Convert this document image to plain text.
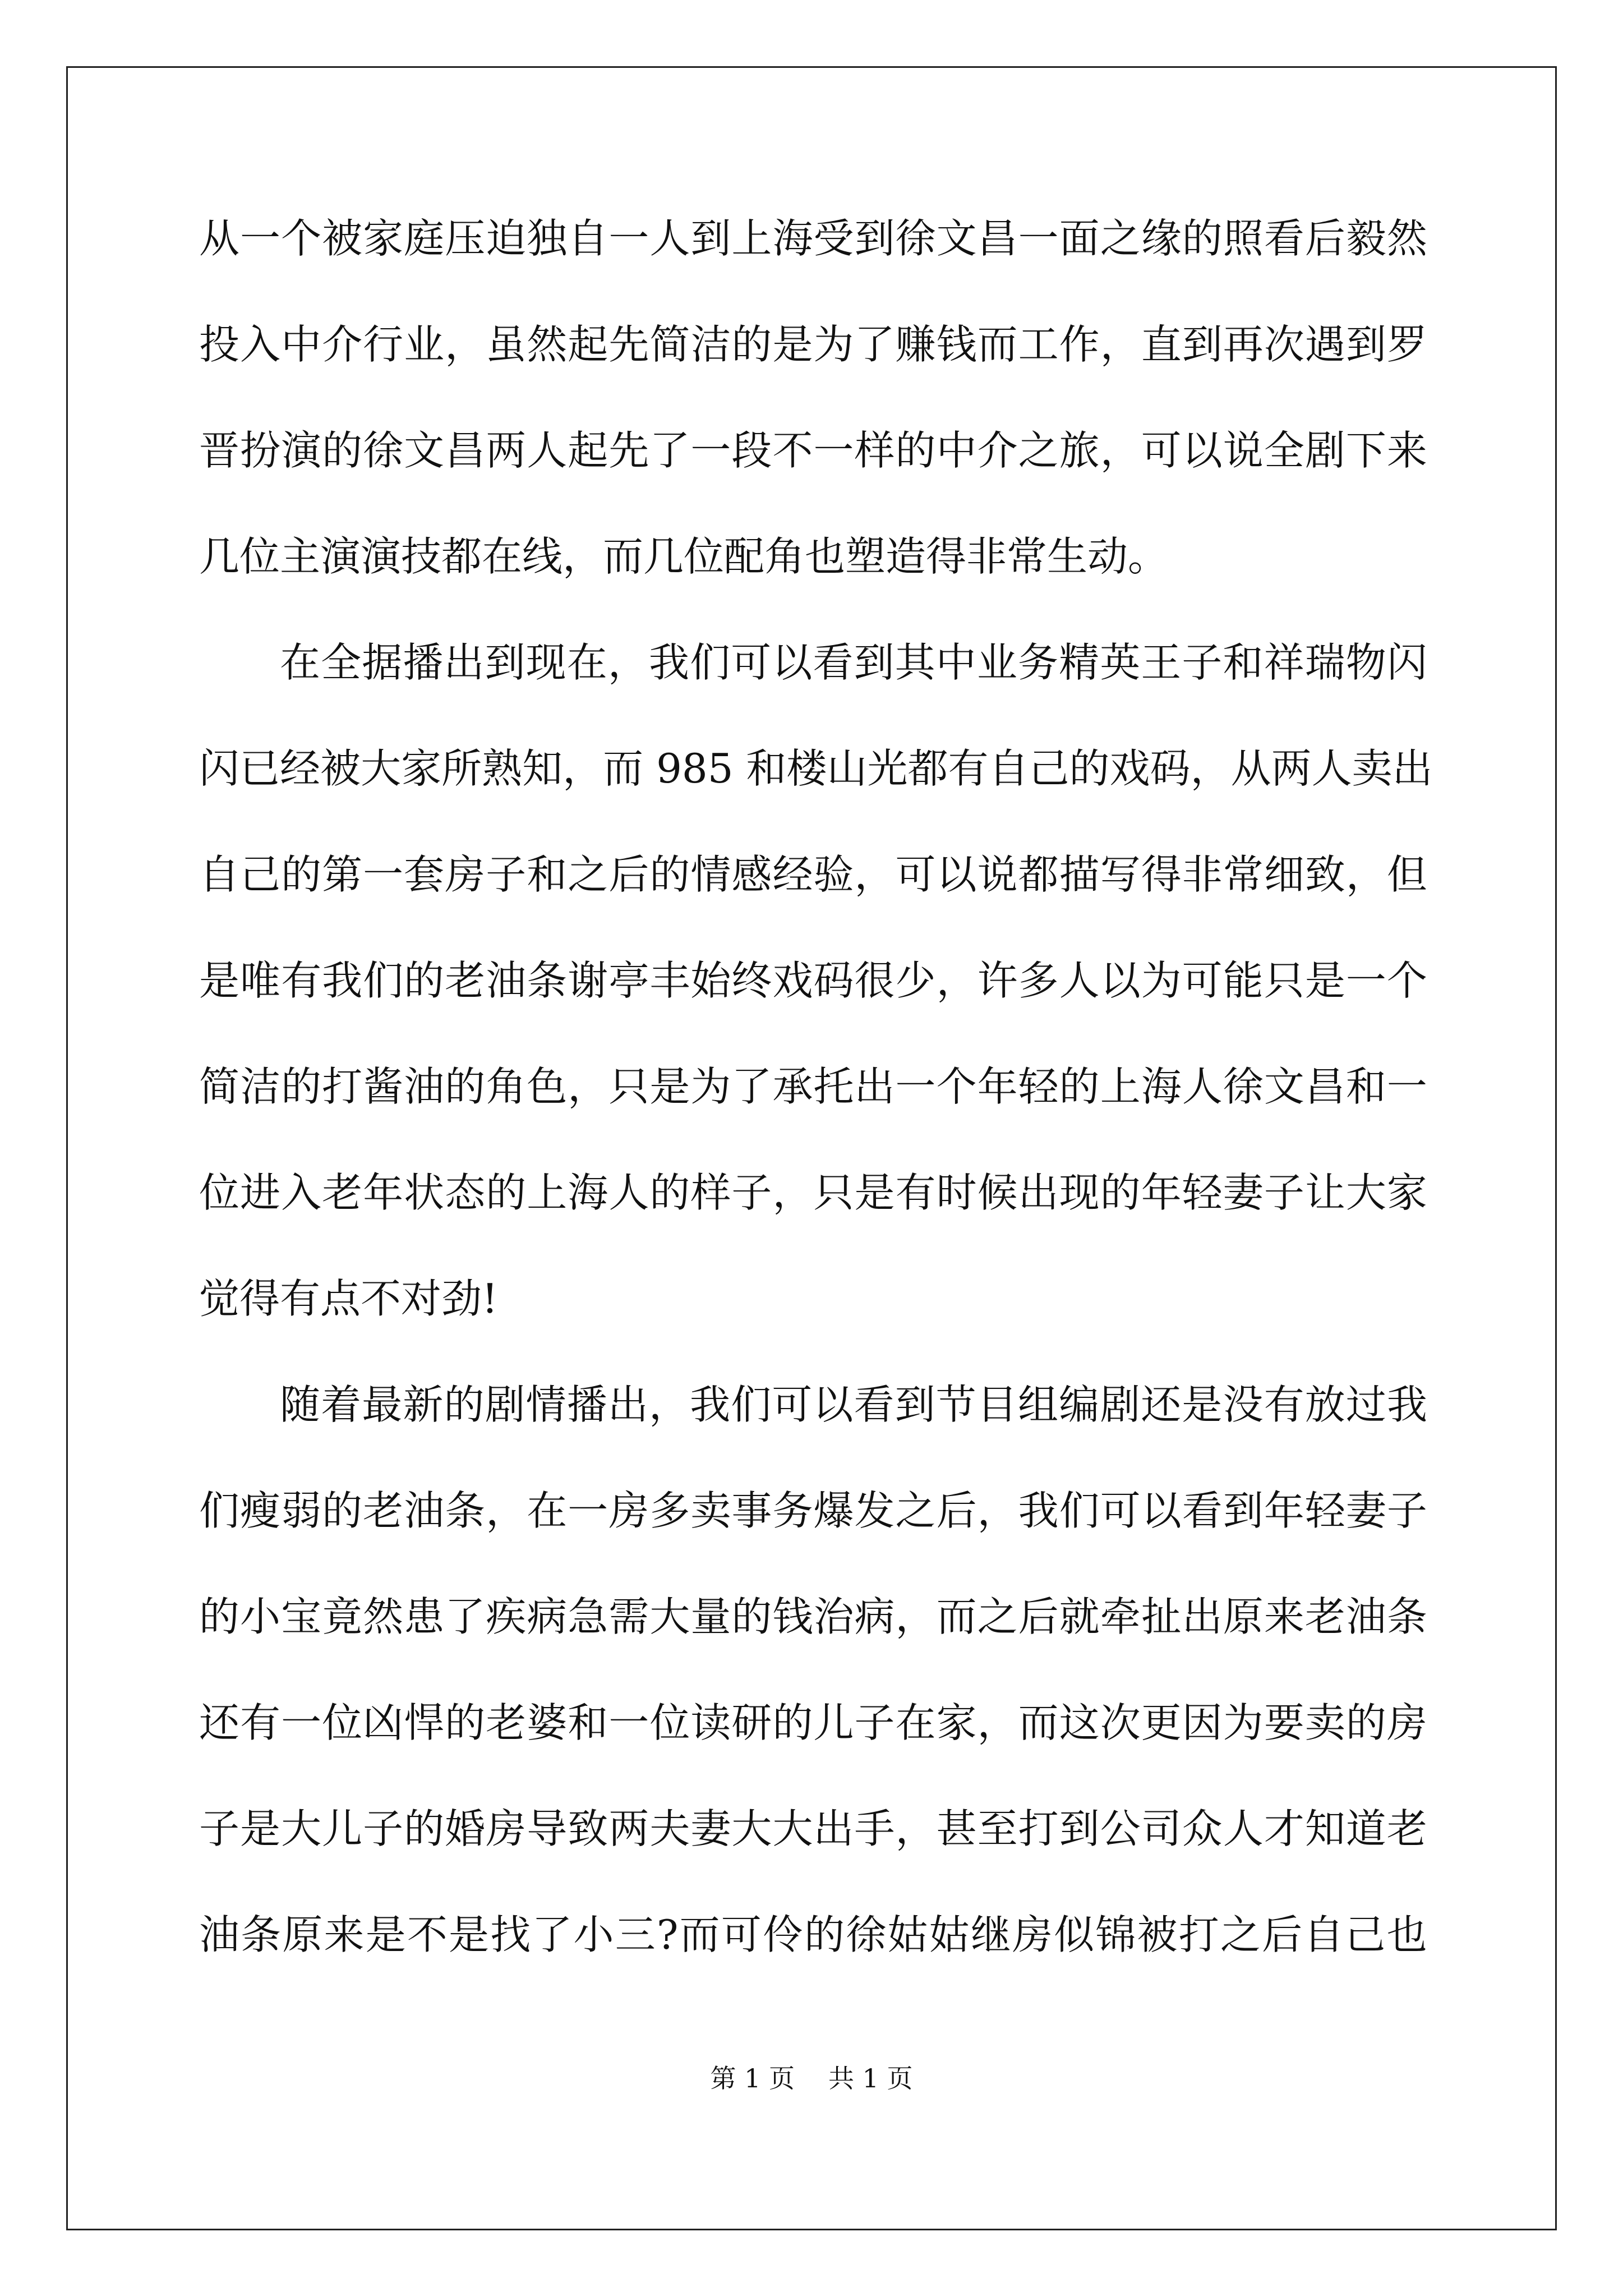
从 一 个 被 家 庭 压 迫 独 自 一 人 到 上 海 受 到 徐 文 昌 一 面 之 缘 的 照 看 后 毅 然
投 入 中 介 行 业 ， 虽 然 起 先 简 洁 的 是 为 了 赚 钱 而 工 作 ， 直 到 再 次 遇 到 罗
晋 扮 演 的 徐 文 昌 两 人 起 先 了 一 段 不 一 样 的 中 介 之 旅 ， 可 以 说 全 剧 下 来
几位主演演技都在线，而几位配角也塑造得非常生动。
在 全 据 播 出 到 现 在 ， 我 们 可 以 看 到 其 中 业 务 精 英 王 子 和 祥 瑞 物 闪
闪 已 经 被 大 家 所 熟 知 ， 而
9 8 5
和 楼 山 光 都 有 自 己 的 戏 码 ， 从 两 人 卖 出
自 己 的 第 一 套 房 子 和 之 后 的 情 感 经 验 ， 可 以 说 都 描 写 得 非 常 细 致 ， 但
是 唯 有 我 们 的 老 油 条 谢 亭 丰 始 终 戏 码 很 少 ， 许 多 人 以 为 可 能 只 是 一 个
简 洁 的 打 酱 油 的 角 色 ， 只 是 为 了 承 托 出 一 个 年 轻 的 上 海 人 徐 文 昌 和 一
位 进 入 老 年 状 态 的 上 海 人 的 样 子 ， 只 是 有 时 候 出 现 的 年 轻 妻 子 让 大 家
觉得有点不对劲!
随 着 最 新 的 剧 情 播 出 ， 我 们 可 以 看 到 节 目 组 编 剧 还 是 没 有 放 过 我
们 瘦 弱 的 老 油 条 ， 在 一 房 多 卖 事 务 爆 发 之 后 ， 我 们 可 以 看 到 年 轻 妻 子
的 小 宝 竟 然 患 了 疾 病 急 需 大 量 的 钱 治 病 ， 而 之 后 就 牵 扯 出 原 来 老 油 条
还 有 一 位 凶 悍 的 老 婆 和 一 位 读 研 的 儿 子 在 家 ， 而 这 次 更 因 为 要 卖 的 房
子 是 大 儿 子 的 婚 房 导 致 两 夫 妻 大 大 出 手 ， 甚 至 打 到 公 司 众 人 才 知 道 老
油 条 原 来 是 不 是 找 了 小 三 ? 而 可 伶 的 徐 姑 姑 继 房 似 锦 被 打 之 后 自 己 也
第 1 页 共 1 页
